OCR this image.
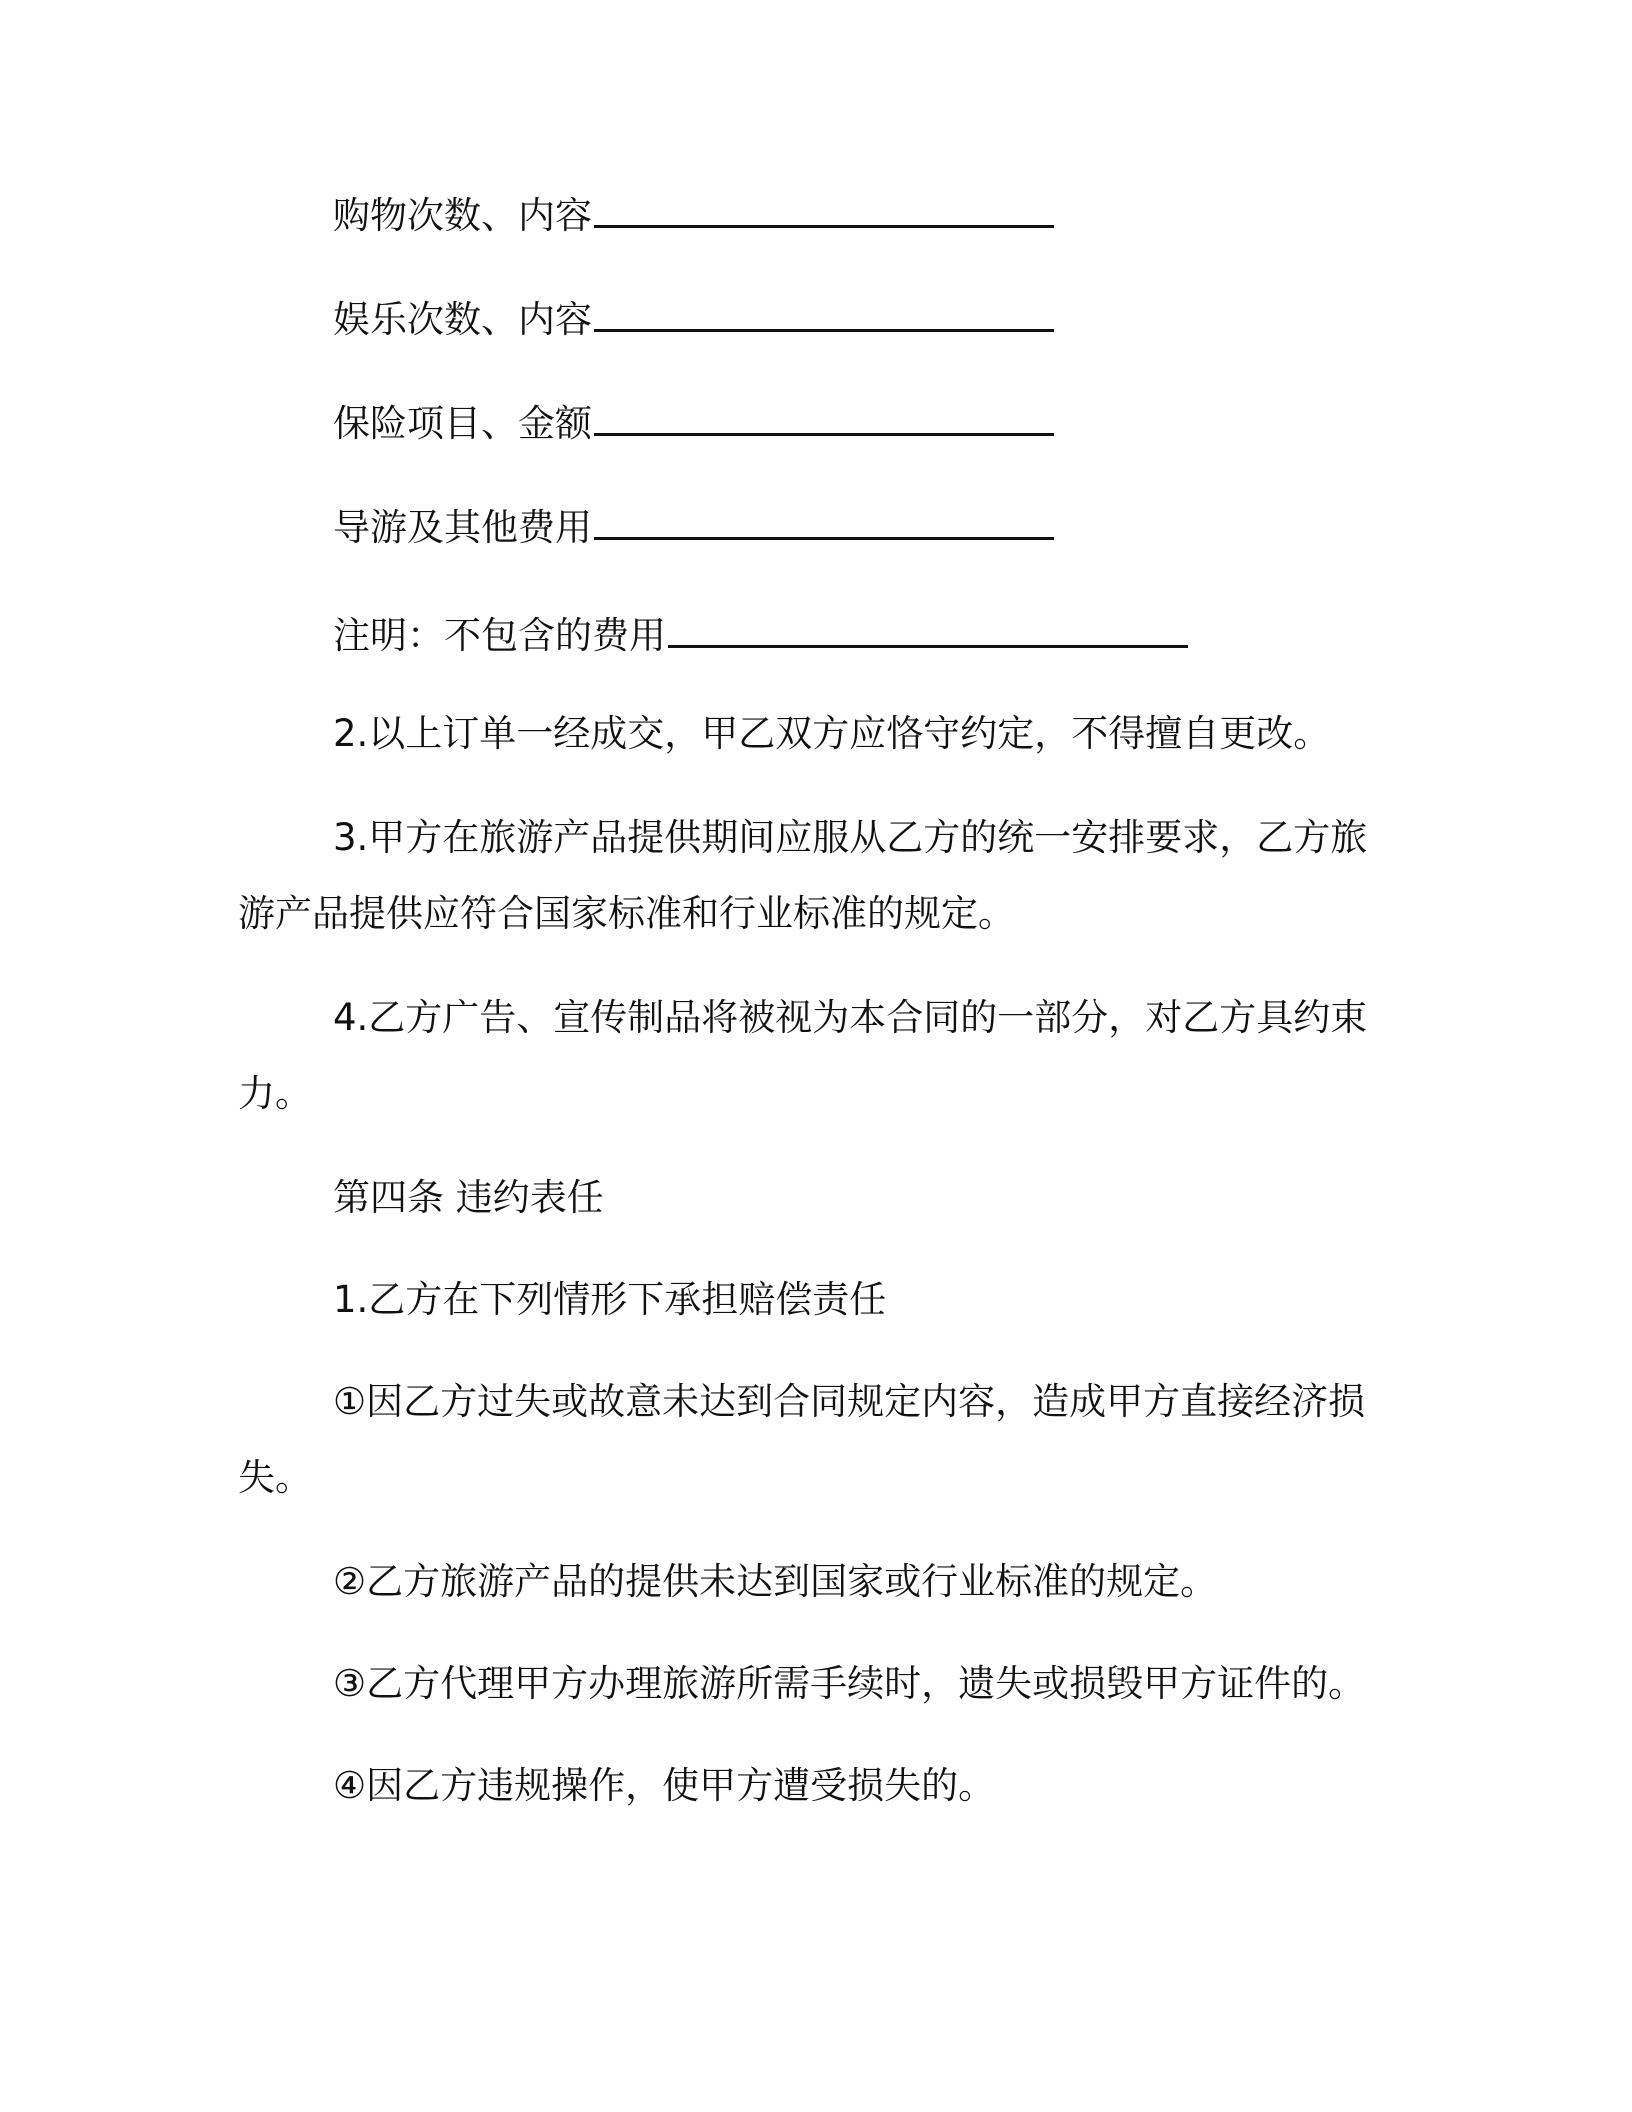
购物次数、内容
娱乐次数、内容
保险项目、金额
导游及其他费用
注明：不包含的费用
2.以上订单一经成交，甲乙双方应恪守约定，不得擅自更改。
3.甲方在旅游产品提供期间应服从乙方的统一安排要求，乙方旅游产品提供应符合国家标准和行业标准的规定。
4.乙方广告、宣传制品将被视为本合同的一部分，对乙方具约束力。
第四条 违约表任
1.乙方在下列情形下承担赔偿责任
①因乙方过失或故意未达到合同规定内容，造成甲方直接经济损失。
②乙方旅游产品的提供未达到国家或行业标准的规定。
③乙方代理甲方办理旅游所需手续时，遗失或损毁甲方证件的。
④因乙方违规操作，使甲方遭受损失的。
